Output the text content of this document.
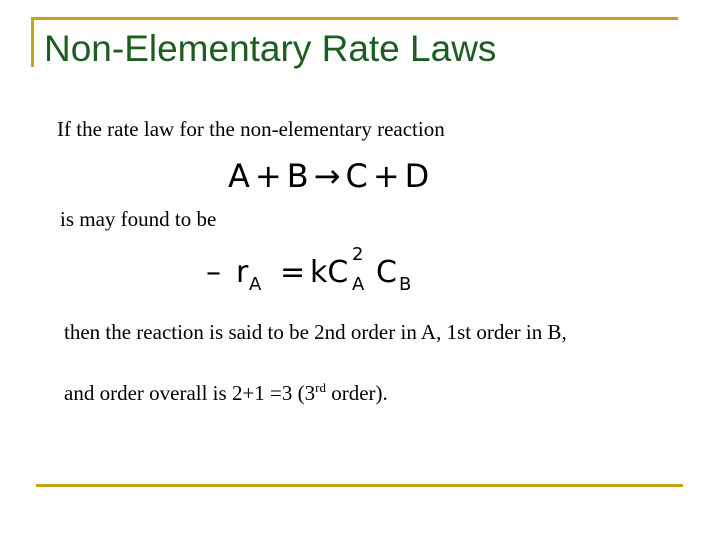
Non-Elementary Rate Laws
If the rate law for the non-elementary reaction
A + B → C + D
is may found to be
– r A = kC
2
A C B
then the reaction is said to be 2nd order in A, 1st order in B,
and order overall is 2+1 =3 (3rd order).
